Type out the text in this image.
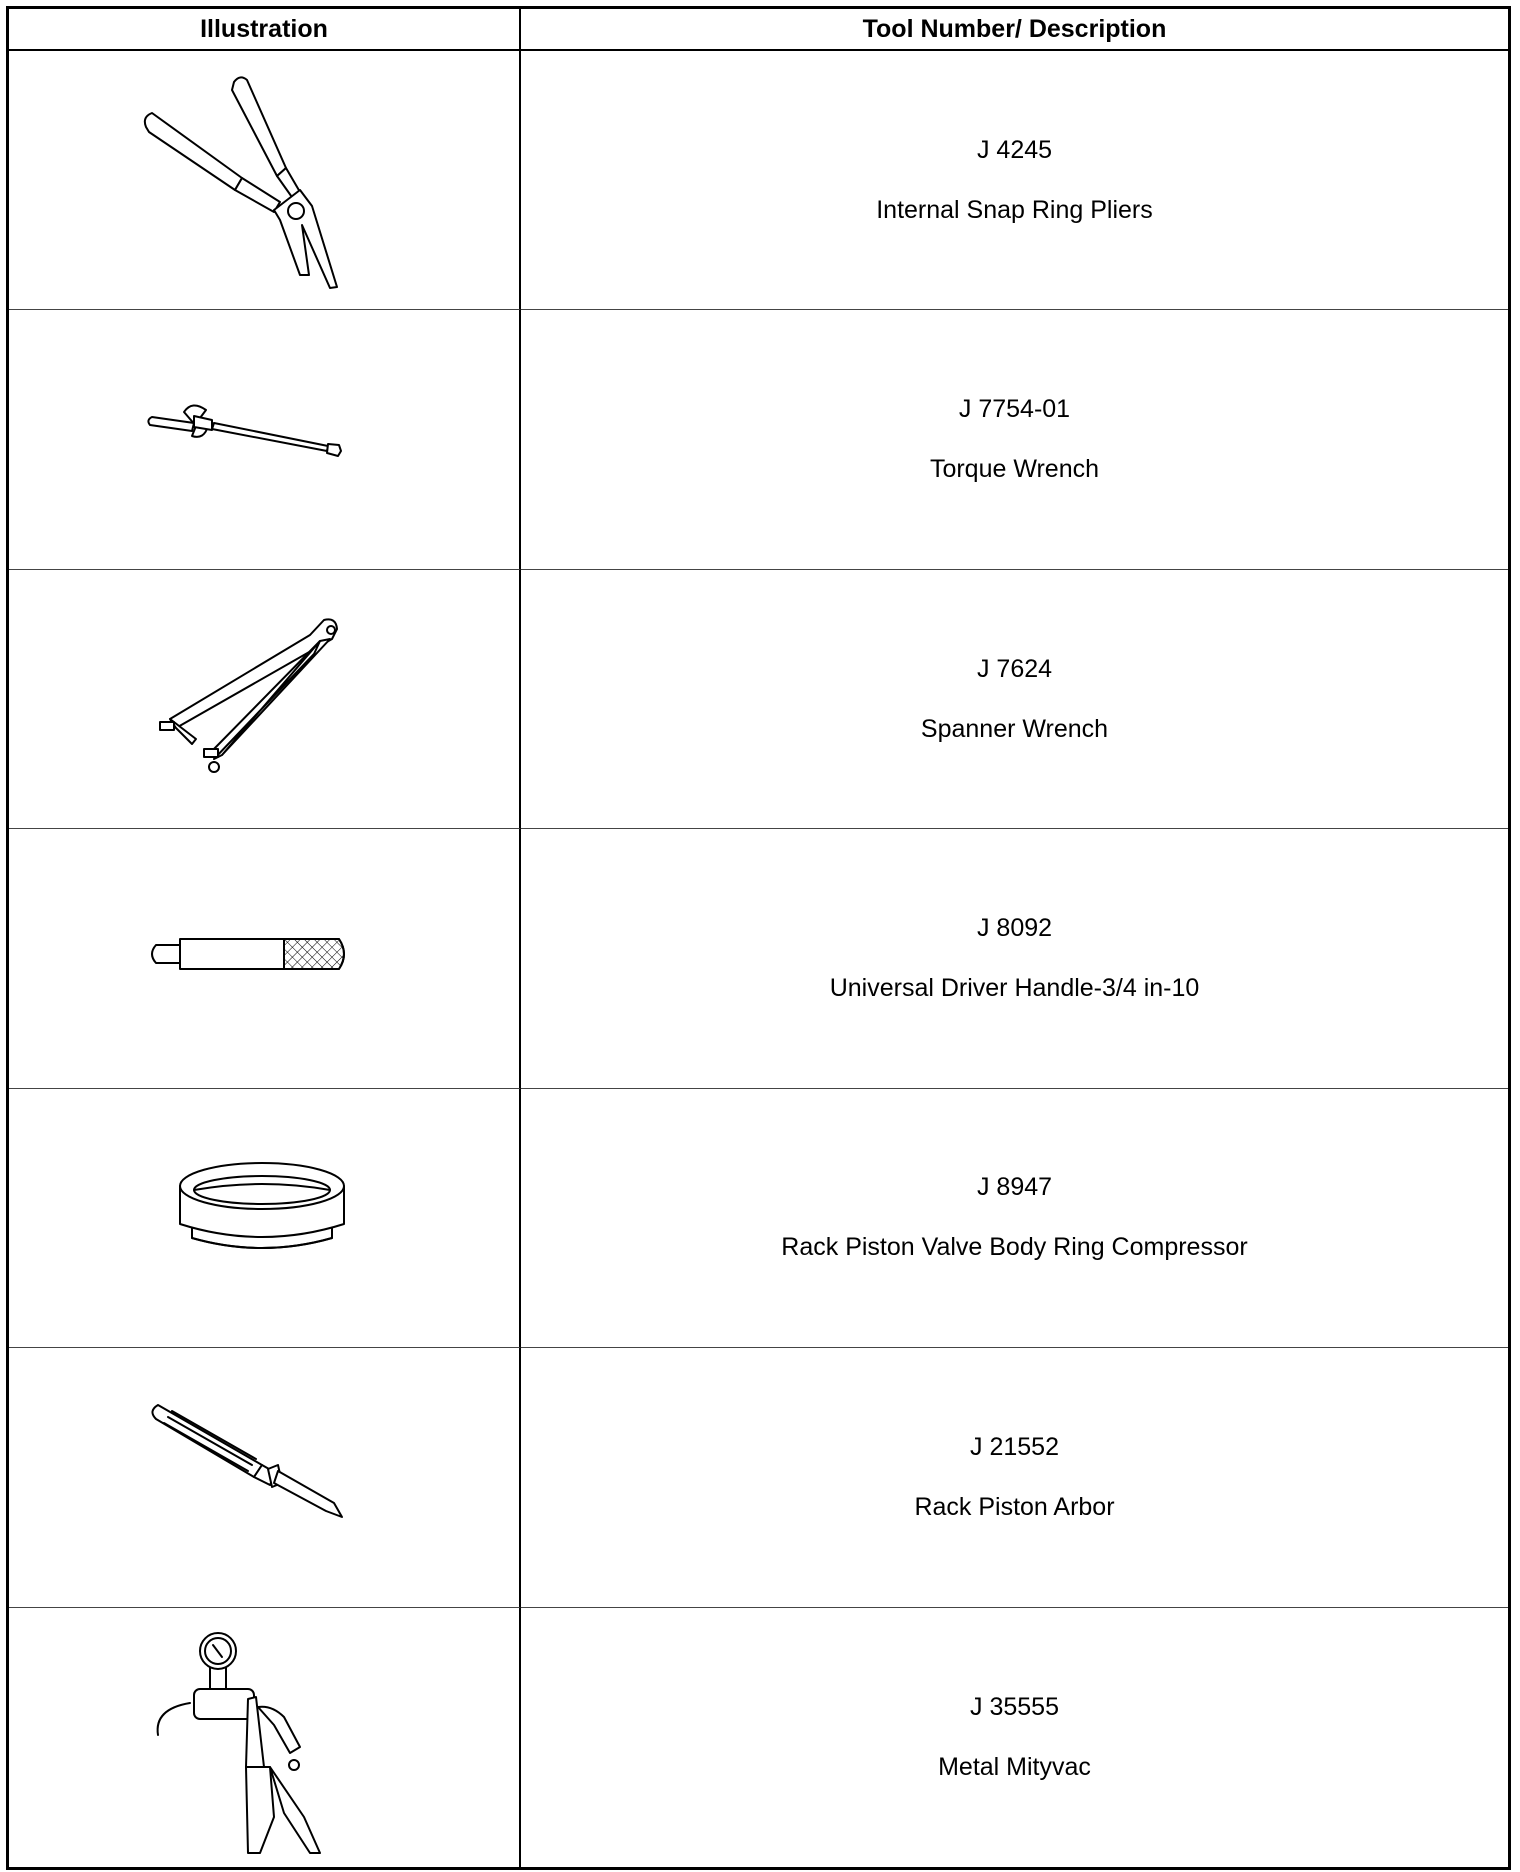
Illustration	Tool Number/ Description
J 4245
Internal Snap Ring Pliers
J 7754-01
Torque Wrench
J 7624
Spanner Wrench
J 8092
Universal Driver Handle-3/4 in-10
J 8947
Rack Piston Valve Body Ring Compressor
J 21552
Rack Piston Arbor
J 35555
Metal Mityvac
